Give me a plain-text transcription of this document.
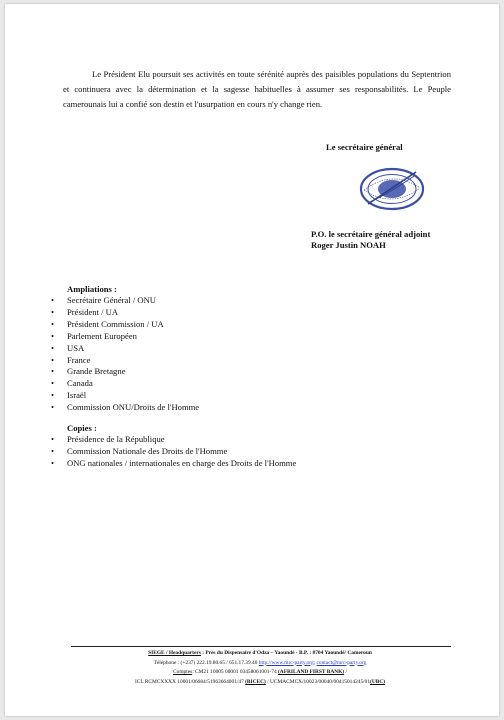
Le Président Elu poursuit ses activités en toute sérénité auprès des paisibles populations du Septentrion et continuera avec la détermination et la sagesse habituelles à assumer ses responsabilités. Le Peuple camerounais lui a confié son destin et l'usurpation en cours n'y change rien.

Le secrétaire général
P.O. le secrétaire général adjoint
Roger Justin NOAH
Ampliations :
• Secrétaire Général / ONU
• Président / UA
• Président Commission / UA
• Parlement Européen
• USA
• France
• Grande Bretagne
• Canada
• Israël
• Commission ONU/Droits de l'Homme
Copies :
• Présidence de la République
• Commission Nationale des Droits de l'Homme
• ONG nationales / internationales en charge des Droits de l'Homme
SIEGE / Headquarters : Près du Dispensaire d'Odza – Yaoundé - B.P. : 8704 Yaoundé/ Cameroun
Téléphone : (+237) 222.19.80.65 / 651.17.39.40 http://www.mrc-party.org; contact@mrc-party.org
Comptes: CM21 10005 00001 03458061001-74 (AFRILAND FIRST BANK) /
ICL RCMCXXXX 10001/06684/51963664001/47 (BICEC) / UCMACMCX/10023/00040/00415014245/01(UBC)
